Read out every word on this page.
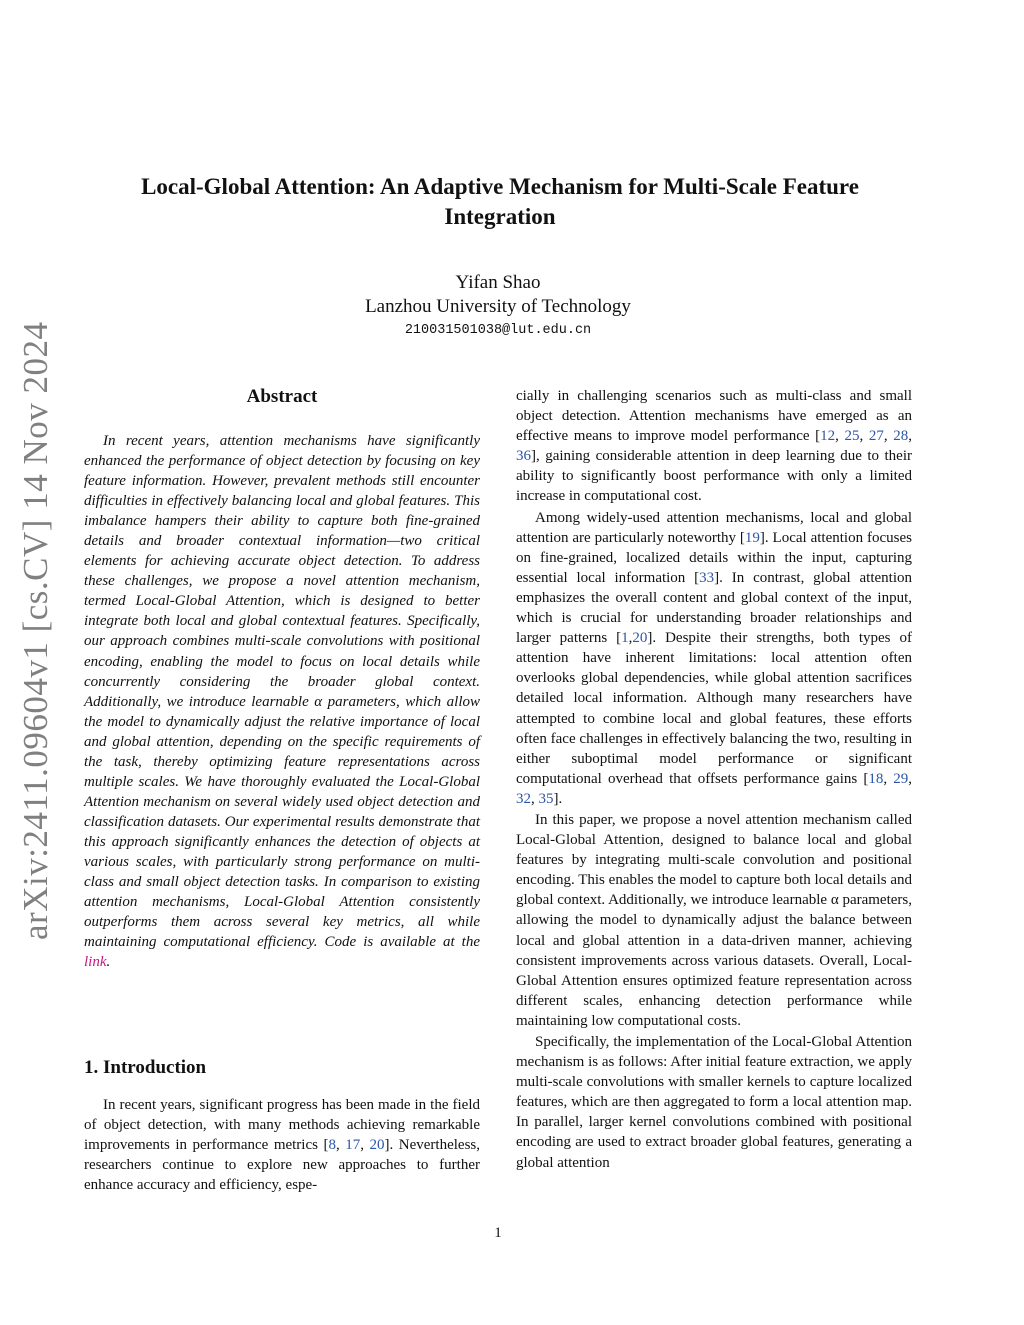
arXiv:2411.09604v1 [cs.CV] 14 Nov 2024
Local-Global Attention: An Adaptive Mechanism for Multi-Scale Feature Integration
Yifan Shao
Lanzhou University of Technology
210031501038@lut.edu.cn
Abstract

In recent years, attention mechanisms have significantly enhanced the performance of object detection by focusing on key feature information. However, prevalent methods still encounter difficulties in effectively balancing local and global features. This imbalance hampers their ability to capture both fine-grained details and broader contextual information—two critical elements for achieving accurate object detection. To address these challenges, we propose a novel attention mechanism, termed Local-Global Attention, which is designed to better integrate both local and global contextual features. Specifically, our approach combines multi-scale convolutions with positional encoding, enabling the model to focus on local details while concurrently considering the broader global context. Additionally, we introduce learnable α parameters, which allow the model to dynamically adjust the relative importance of local and global attention, depending on the specific requirements of the task, thereby optimizing feature representations across multiple scales. We have thoroughly evaluated the Local-Global Attention mechanism on several widely used object detection and classification datasets. Our experimental results demonstrate that this approach significantly enhances the detection of objects at various scales, with particularly strong performance on multi-class and small object detection tasks. In comparison to existing attention mechanisms, Local-Global Attention consistently outperforms them across several key metrics, all while maintaining computational efficiency. Code is available at the link.

1. Introduction

In recent years, significant progress has been made in the field of object detection, with many methods achieving remarkable improvements in performance metrics [8, 17, 20]. Nevertheless, researchers continue to explore new approaches to further enhance accuracy and efficiency, espe-

cially in challenging scenarios such as multi-class and small object detection. Attention mechanisms have emerged as an effective means to improve model performance [12, 25, 27, 28, 36], gaining considerable attention in deep learning due to their ability to significantly boost performance with only a limited increase in computational cost.

Among widely-used attention mechanisms, local and global attention are particularly noteworthy [19]. Local attention focuses on fine-grained, localized details within the input, capturing essential local information [33]. In contrast, global attention emphasizes the overall content and global context of the input, which is crucial for understanding broader relationships and larger patterns [1,20]. Despite their strengths, both types of attention have inherent limitations: local attention often overlooks global dependencies, while global attention sacrifices detailed local information. Although many researchers have attempted to combine local and global features, these efforts often face challenges in effectively balancing the two, resulting in either suboptimal model performance or significant computational overhead that offsets performance gains [18, 29, 32, 35].

In this paper, we propose a novel attention mechanism called Local-Global Attention, designed to balance local and global features by integrating multi-scale convolution and positional encoding. This enables the model to capture both local details and global context. Additionally, we introduce learnable α parameters, allowing the model to dynamically adjust the balance between local and global attention in a data-driven manner, achieving consistent improvements across various datasets. Overall, Local-Global Attention ensures optimized feature representation across different scales, enhancing detection performance while maintaining low computational costs.

Specifically, the implementation of the Local-Global Attention mechanism is as follows: After initial feature extraction, we apply multi-scale convolutions with smaller kernels to capture localized features, which are then aggregated to form a local attention map. In parallel, larger kernel convolutions combined with positional encoding are used to extract broader global features, generating a global attention

1
